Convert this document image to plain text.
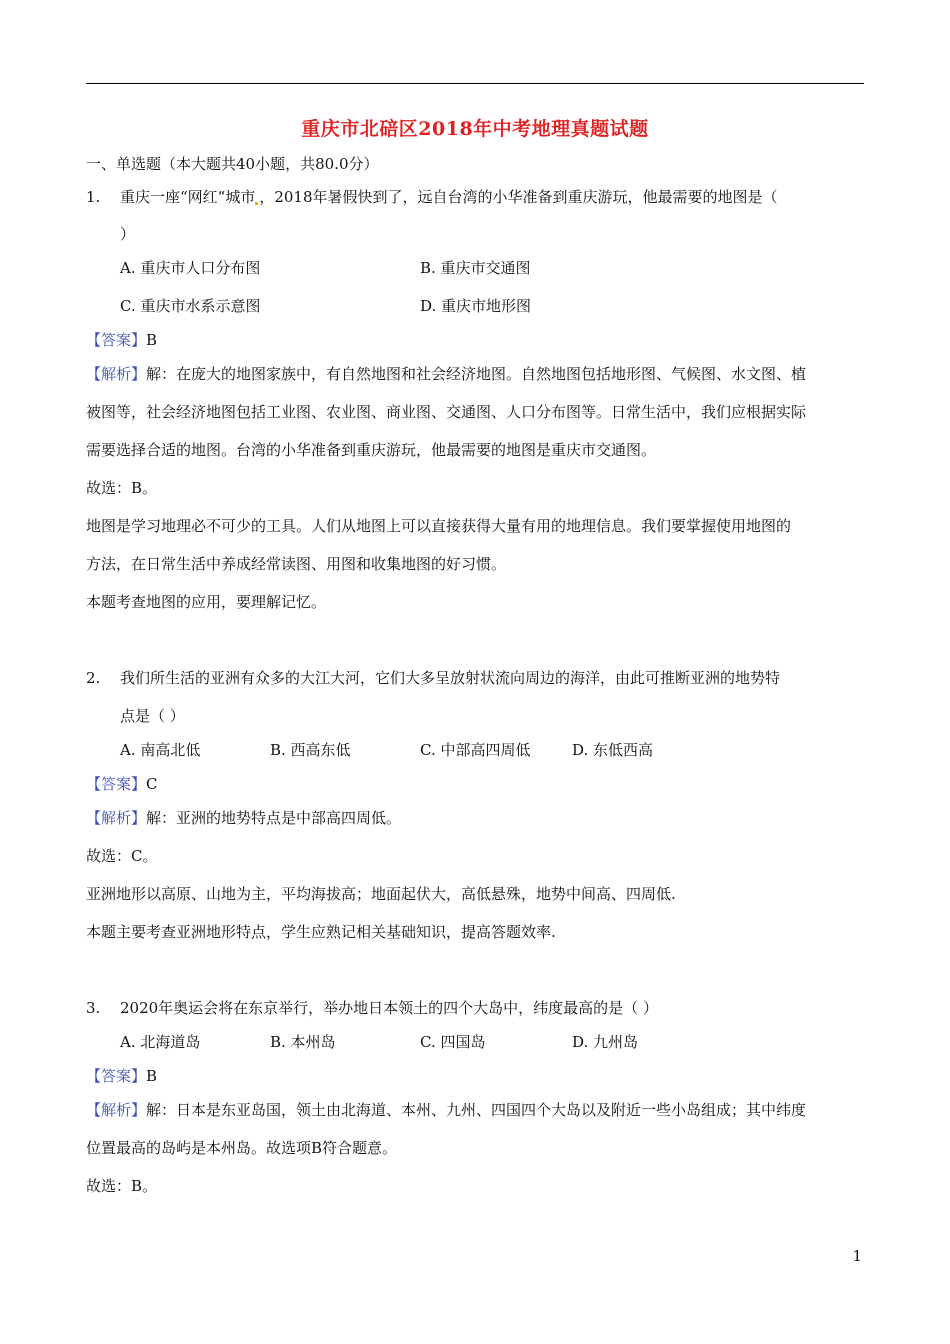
重庆市北碚区2018年中考地理真题试题
一、单选题（本大题共40小题，共80.0分）
1. 重庆一座“网红“城市 ，2018年暑假快到了，远自台湾的小华准备到重庆游玩，他最需要的地图是（
）
A. 重庆市人口分布图	B. 重庆市交通图
C. 重庆市水系示意图	D. 重庆市地形图
【答案】B
【解析】解：在庞大的地图家族中，有自然地图和社会经济地图。自然地图包括地形图、气候图、水文图、植
被图等，社会经济地图包括工业图、农业图、商业图、交通图、人口分布图等。日常生活中，我们应根据实际
需要选择合适的地图。台湾的小华准备到重庆游玩，他最需要的地图是重庆市交通图。
故选：B。
地图是学习地理必不可少的工具。人们从地图上可以直接获得大量有用的地理信息。我们要掌握使用地图的
方法，在日常生活中养成经常读图、用图和收集地图的好习惯。
本题考查地图的应用，要理解记忆。
2. 我们所生活的亚洲有众多的大江大河，它们大多呈放射状流向周边的海洋，由此可推断亚洲的地势特
点是（ ）
A. 南高北低	B. 西高东低	C. 中部高四周低	D. 东低西高
【答案】C
【解析】解：亚洲的地势特点是中部高四周低。
故选：C。
亚洲地形以高原、山地为主，平均海拔高；地面起伏大，高低悬殊，地势中间高、四周低.
本题主要考查亚洲地形特点，学生应熟记相关基础知识，提高答题效率.
3. 2020年奥运会将在东京举行，举办地日本领土的四个大岛中，纬度最高的是（ ）
A. 北海道岛	B. 本州岛	C. 四国岛	D. 九州岛
【答案】B
【解析】解：日本是东亚岛国，领土由北海道、本州、九州、四国四个大岛以及附近一些小岛组成；其中纬度
位置最高的岛屿是本州岛。故选项B符合题意。
故选：B。
1
